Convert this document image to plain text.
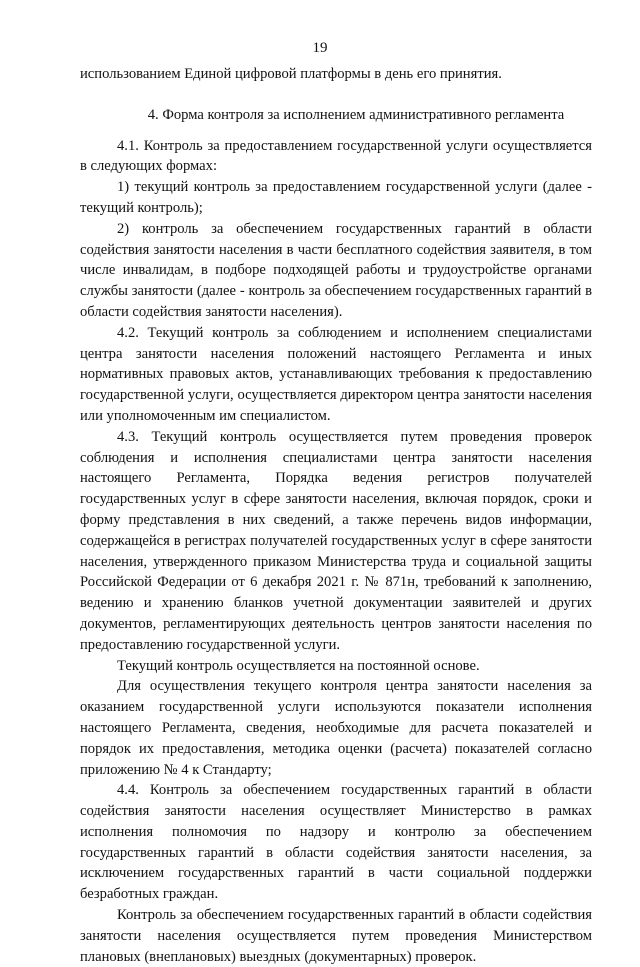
19

использованием Единой цифровой платформы в день его принятия.

4. Форма контроля за исполнением административного регламента

4.1. Контроль за предоставлением государственной услуги осуществляется в следующих формах:

1) текущий контроль за предоставлением государственной услуги (далее - текущий контроль);

2) контроль за обеспечением государственных гарантий в области содействия занятости населения в части бесплатного содействия заявителя, в том числе инвалидам, в подборе подходящей работы и трудоустройстве органами службы занятости (далее - контроль за обеспечением государственных гарантий в области содействия занятости населения).

4.2. Текущий контроль за соблюдением и исполнением специалистами центра занятости населения положений настоящего Регламента и иных нормативных правовых актов, устанавливающих требования к предоставлению государственной услуги, осуществляется директором центра занятости населения или уполномоченным им специалистом.

4.3. Текущий контроль осуществляется путем проведения проверок соблюдения и исполнения специалистами центра занятости населения настоящего Регламента, Порядка ведения регистров получателей государственных услуг в сфере занятости населения, включая порядок, сроки и форму представления в них сведений, а также перечень видов информации, содержащейся в регистрах получателей государственных услуг в сфере занятости населения, утвержденного приказом Министерства труда и социальной защиты Российской Федерации от 6 декабря 2021 г. № 871н, требований к заполнению, ведению и хранению бланков учетной документации заявителей и других документов, регламентирующих деятельность центров занятости населения по предоставлению государственной услуги.

Текущий контроль осуществляется на постоянной основе.

Для осуществления текущего контроля центра занятости населения за оказанием государственной услуги используются показатели исполнения настоящего Регламента, сведения, необходимые для расчета показателей и порядок их предоставления, методика оценки (расчета) показателей согласно приложению № 4 к Стандарту;

4.4. Контроль за обеспечением государственных гарантий в области содействия занятости населения осуществляет Министерство в рамках исполнения полномочия по надзору и контролю за обеспечением государственных гарантий в области содействия занятости населения, за исключением государственных гарантий в части социальной поддержки безработных граждан.

Контроль за обеспечением государственных гарантий в области содействия занятости населения осуществляется путем проведения Министерством плановых (внеплановых) выездных (документарных) проверок.
